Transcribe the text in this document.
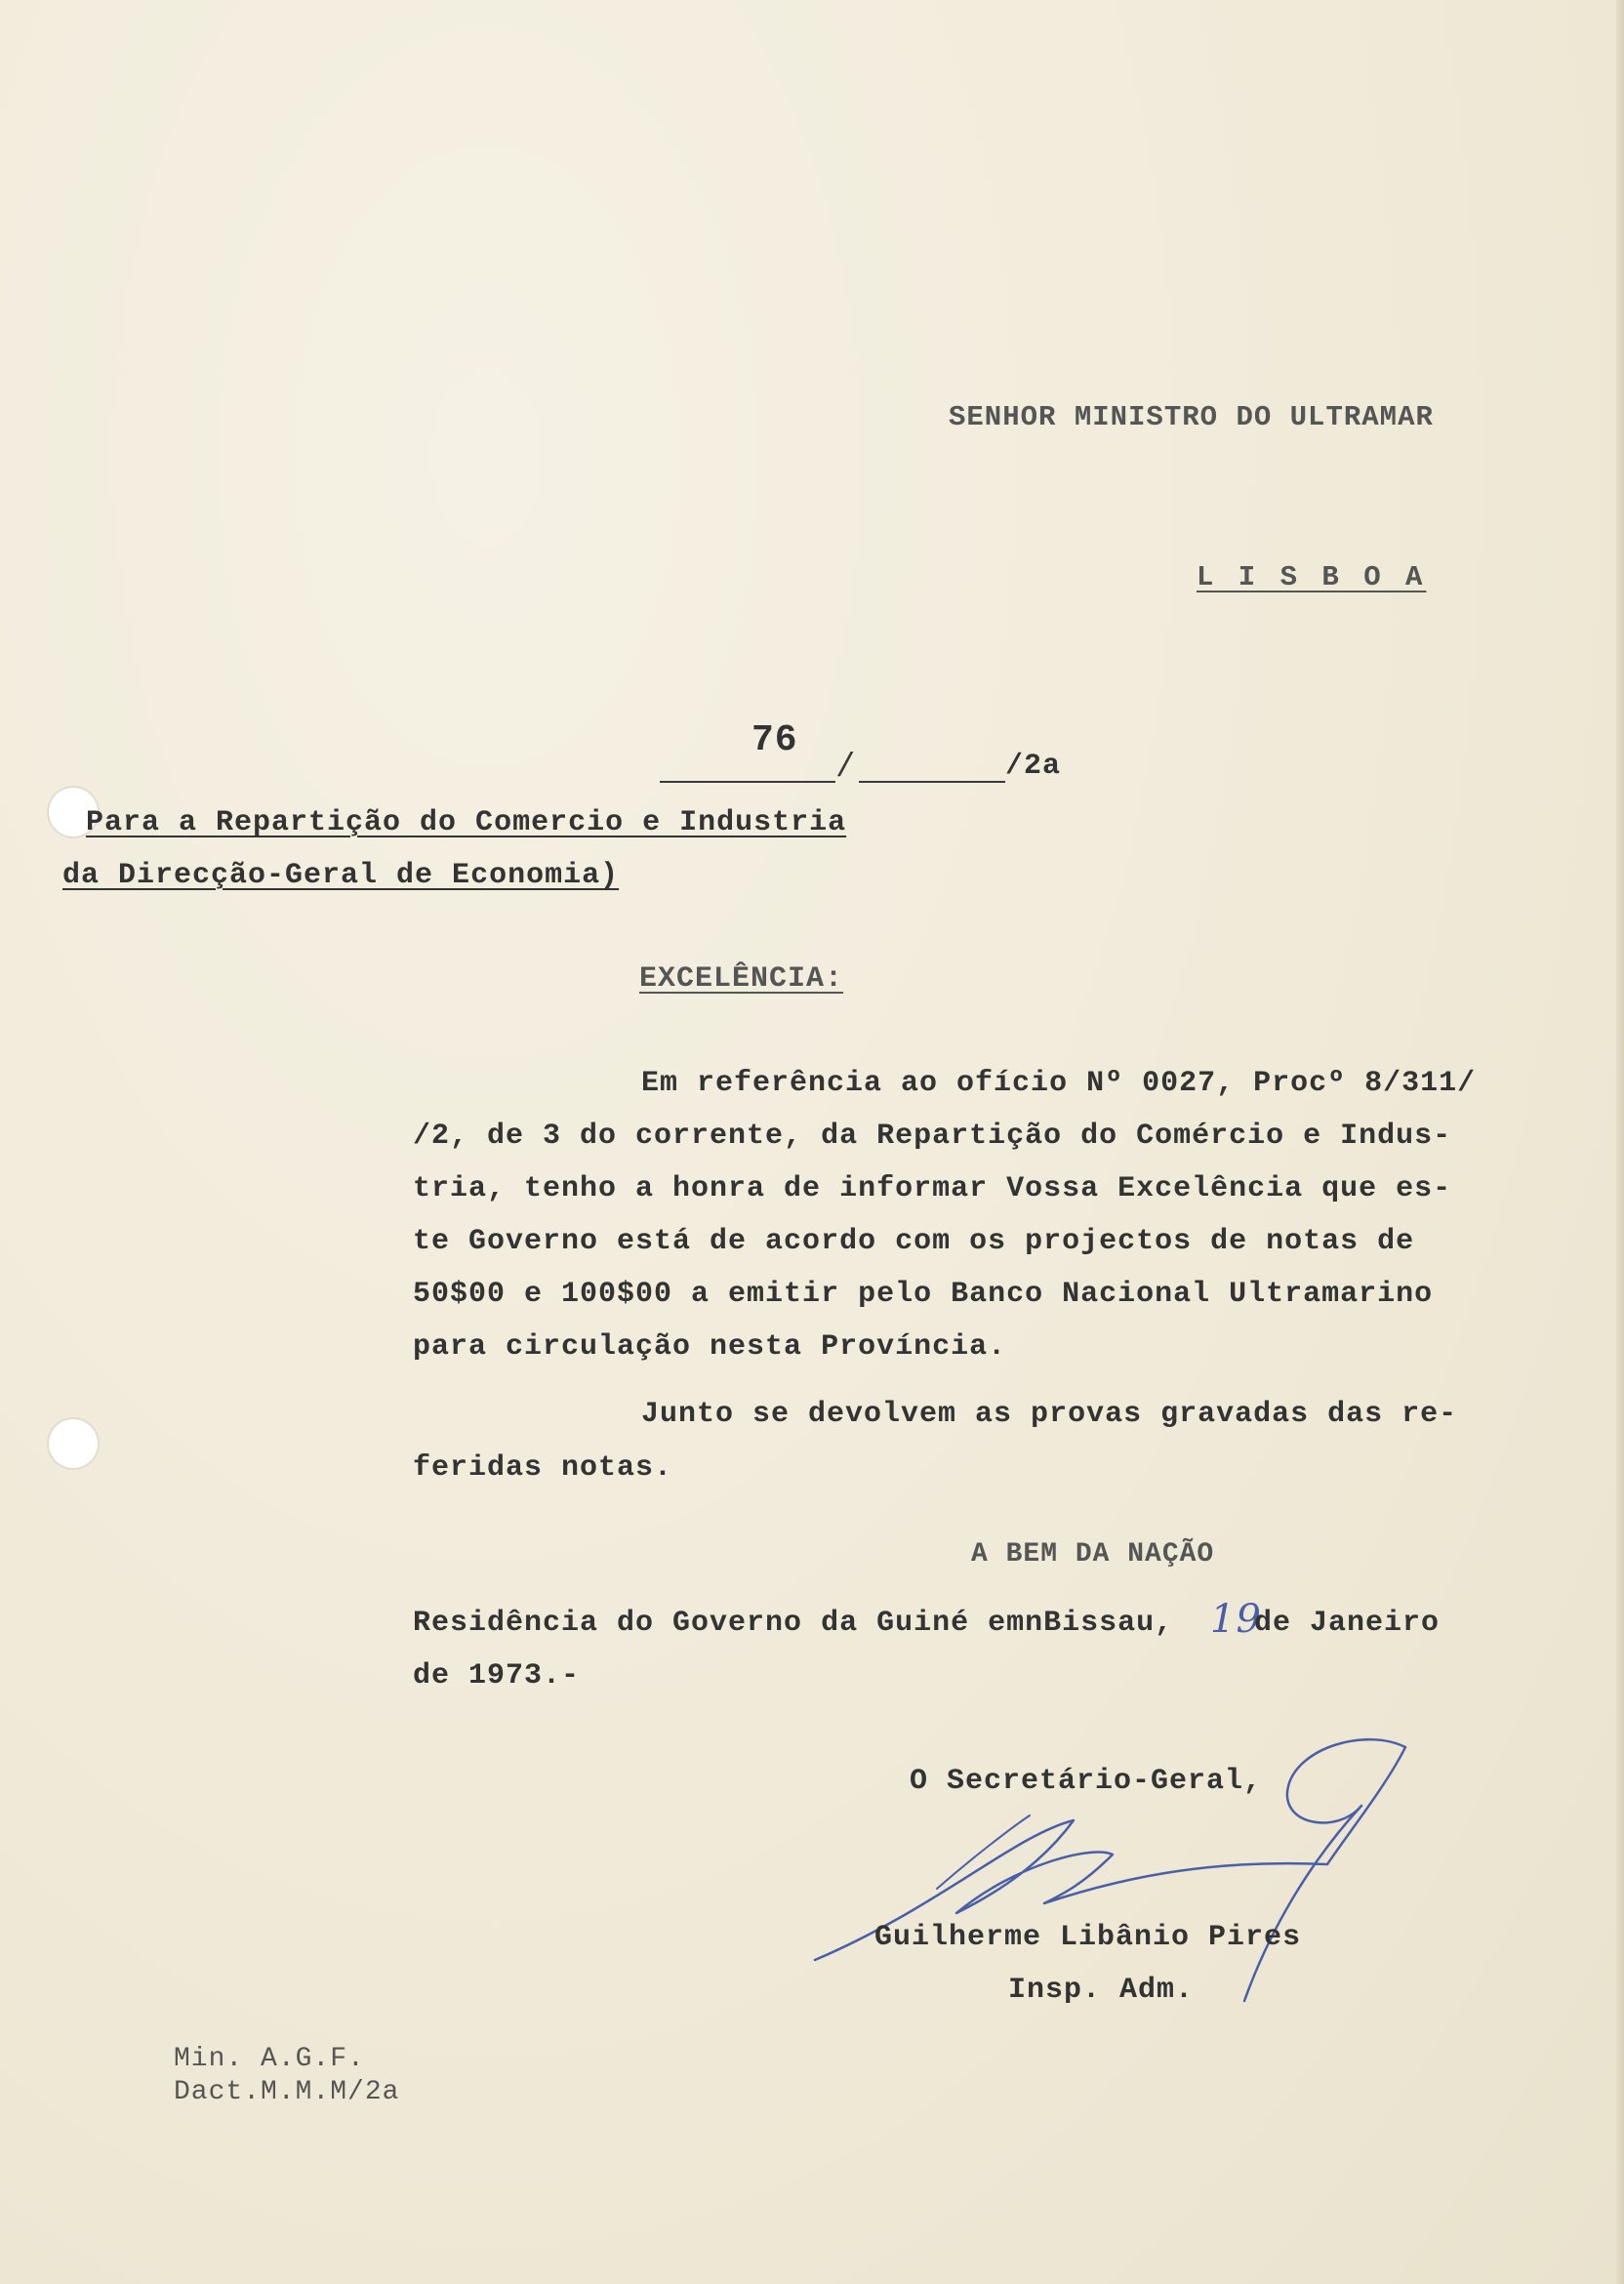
SENHOR MINISTRO DO ULTRAMAR
L I S B O A
76
/	/2a
Para a Repartição do Comercio e Industria
da Direcção-Geral de Economia)
EXCELÊNCIA:
Em referência ao ofício Nº 0027, Procº 8/311/
/2, de 3 do corrente, da Repartição do Comércio e Indus-
tria, tenho a honra de informar Vossa Excelência que es-
te Governo está de acordo com os projectos de notas de
50$00 e 100$00 a emitir pelo Banco Nacional Ultramarino
para circulação nesta Província.
Junto se devolvem as provas gravadas das re-
feridas notas.
A BEM DA NAÇÃO
Residência do Governo da Guiné emnBissau, 19
de Janeiro
de 1973.-
O Secretário-Geral,
Guilherme Libânio Pires
Insp. Adm.
Min. A.G.F.
Dact.M.M.M/2a
